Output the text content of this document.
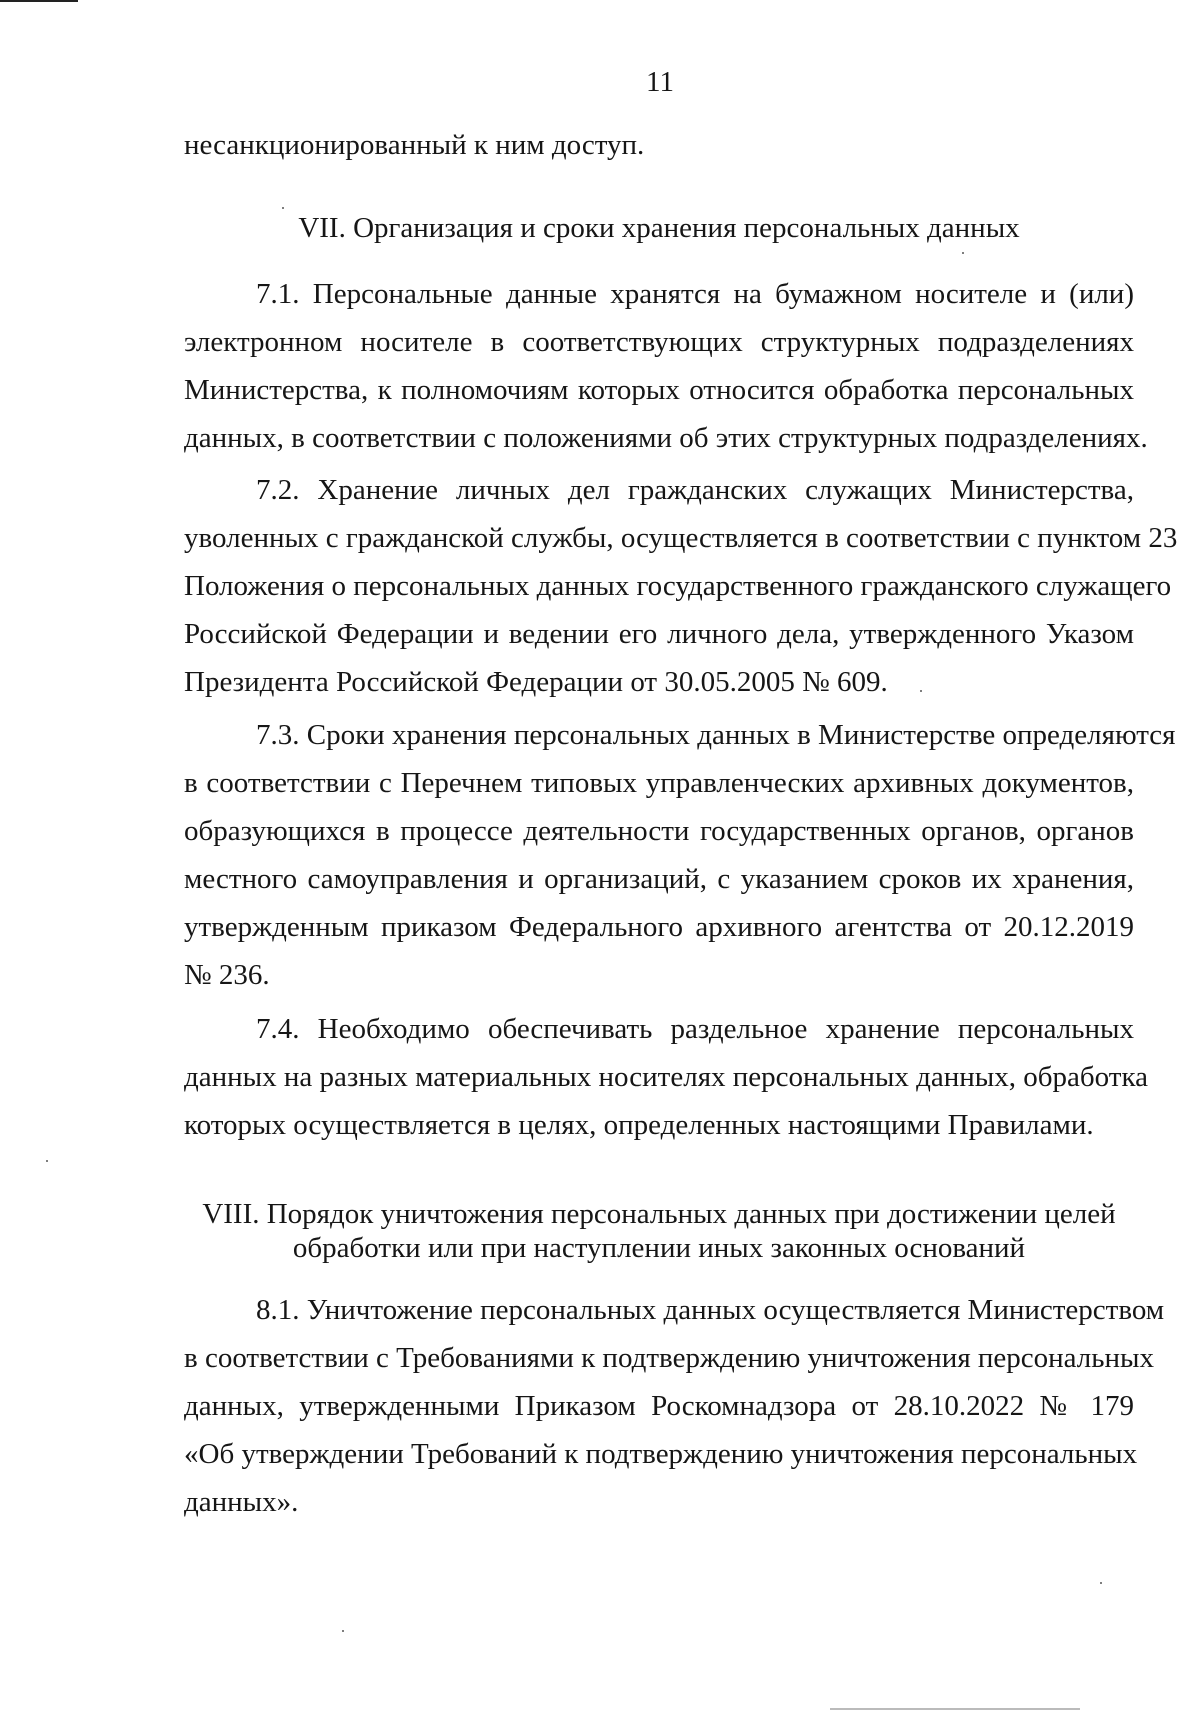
11
несанкционированный к ним доступ.
VII. Организация и сроки хранения персональных данных
7.1. Персональные данные хранятся на бумажном носителе и (или)
электронном носителе в соответствующих структурных подразделениях
Министерства, к полномочиям которых относится обработка персональных
данных, в соответствии с положениями об этих структурных подразделениях.
7.2. Хранение личных дел гражданских служащих Министерства,
уволенных с гражданской службы, осуществляется в соответствии с пунктом 23
Положения о персональных данных государственного гражданского служащего
Российской Федерации и ведении его личного дела, утвержденного Указом
Президента Российской Федерации от 30.05.2005 № 609.
7.3. Сроки хранения персональных данных в Министерстве определяются
в соответствии с Перечнем типовых управленческих архивных документов,
образующихся в процессе деятельности государственных органов, органов
местного самоуправления и организаций, с указанием сроков их хранения,
утвержденным приказом Федерального архивного агентства от 20.12.2019
№ 236.
7.4. Необходимо обеспечивать раздельное хранение персональных
данных на разных материальных носителях персональных данных, обработка
которых осуществляется в целях, определенных настоящими Правилами.
VIII. Порядок уничтожения персональных данных при достижении целей
обработки или при наступлении иных законных оснований
8.1. Уничтожение персональных данных осуществляется Министерством
в соответствии с Требованиями к подтверждению уничтожения персональных
данных, утвержденными Приказом Роскомнадзора от 28.10.2022 № 179
«Об утверждении Требований к подтверждению уничтожения персональных
данных».
